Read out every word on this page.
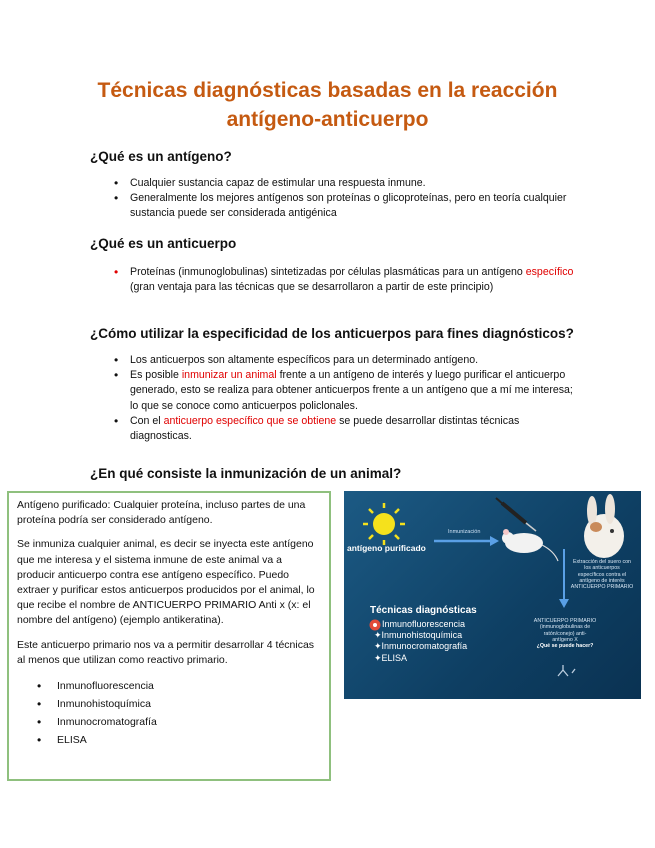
Técnicas diagnósticas basadas en la reacción
antígeno-anticuerpo
¿Qué es un antígeno?
• Cualquier sustancia capaz de estimular una respuesta inmune.
• Generalmente los mejores antígenos son proteínas o glicoproteínas, pero en teoría cualquier sustancia puede ser considerada antigénica
¿Qué es un anticuerpo
• Proteínas (inmunoglobulinas) sintetizadas por células plasmáticas para un antígeno específico (gran ventaja para las técnicas que se desarrollaron a partir de este principio)
¿Cómo utilizar la especificidad de los anticuerpos para fines diagnósticos?
• Los anticuerpos son altamente específicos para un determinado antígeno.
• Es posible inmunizar un animal frente a un antígeno de interés y luego purificar el anticuerpo generado, esto se realiza para obtener anticuerpos frente a un antígeno que a mí me interesa; lo que se conoce como anticuerpos policlonales.
• Con el anticuerpo específico que se obtiene se puede desarrollar distintas técnicas diagnosticas.
¿En qué consiste la inmunización de un animal?

Antígeno purificado: Cualquier proteína, incluso partes de una proteína podría ser considerado antígeno.

Se inmuniza cualquier animal, es decir se inyecta este antígeno que me interesa y el sistema inmune de este animal va a producir anticuerpo contra ese antígeno específico. Puedo extraer y purificar estos anticuerpos producidos por el animal, lo que recibe el nombre de ANTICUERPO PRIMARIO Anti x (x: el nombre del antígeno) (ejemplo antikeratina).

Este anticuerpo primario nos va a permitir desarrollar 4 técnicas al menos que utilizan como reactivo primario.

• Inmunofluorescencia
• Inmunohistoquímica
• Inmunocromatografía
• ELISA
antígeno purificado
Inmunización
Extracción del suero con
los anticuerpos
específicos contra el
antígeno de interés
ANTICUERPO PRIMARIO
ANTICUERPO PRIMARIO
(inmunoglobulinas de
ratón/conejo) anti-
antígeno X
¿Qué se puede hacer?
Técnicas diagnósticas
Inmunofluorescencia
✦Inmunohistoquímica
✦Inmunocromatografía
✦ELISA
